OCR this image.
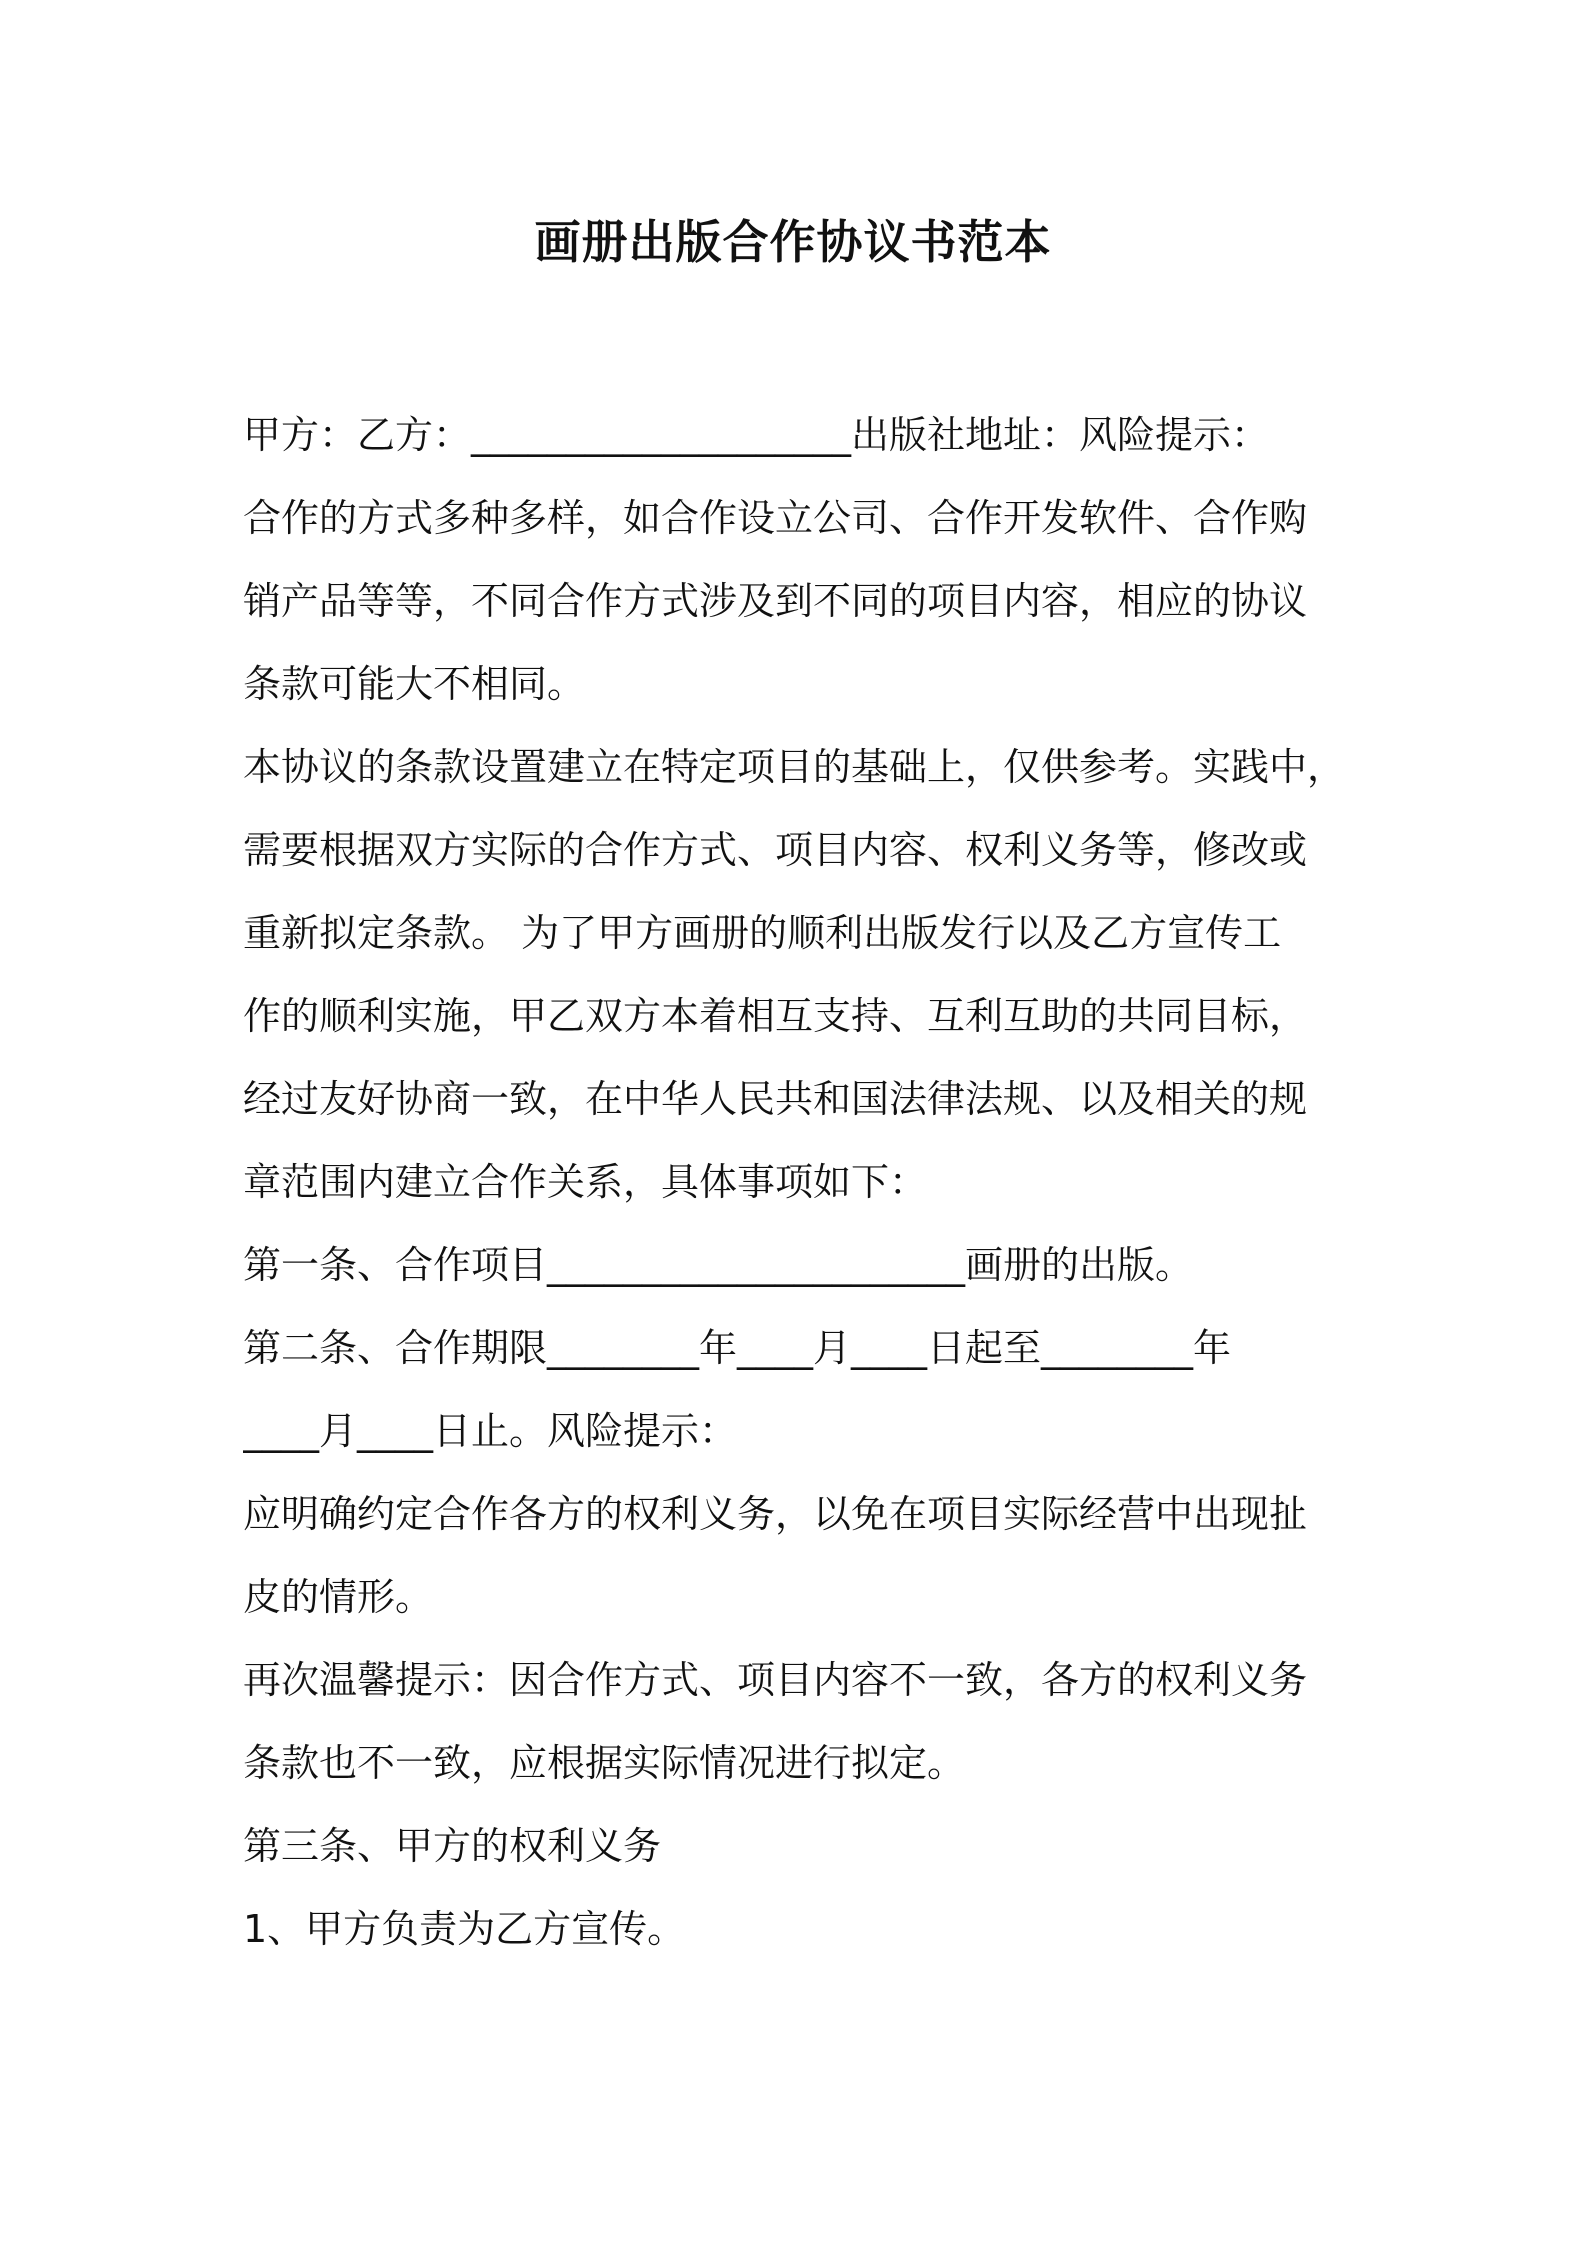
画册出版合作协议书范本
甲方：乙方：____________________出版社地址：风险提示：
合作的方式多种多样，如合作设立公司、合作开发软件、合作购
销产品等等，不同合作方式涉及到不同的项目内容，相应的协议
条款可能大不相同。
本协议的条款设置建立在特定项目的基础上，仅供参考。实践中，
需要根据双方实际的合作方式、项目内容、权利义务等，修改或
重新拟定条款。 为了甲方画册的顺利出版发行以及乙方宣传工
作的顺利实施，甲乙双方本着相互支持、互利互助的共同目标，
经过友好协商一致，在中华人民共和国法律法规、以及相关的规
章范围内建立合作关系，具体事项如下：
第一条、合作项目______________________画册的出版。
第二条、合作期限________年____月____日起至________年
____月____日止。风险提示：
应明确约定合作各方的权利义务，以免在项目实际经营中出现扯
皮的情形。
再次温馨提示：因合作方式、项目内容不一致，各方的权利义务
条款也不一致，应根据实际情况进行拟定。
第三条、甲方的权利义务
1、甲方负责为乙方宣传。
